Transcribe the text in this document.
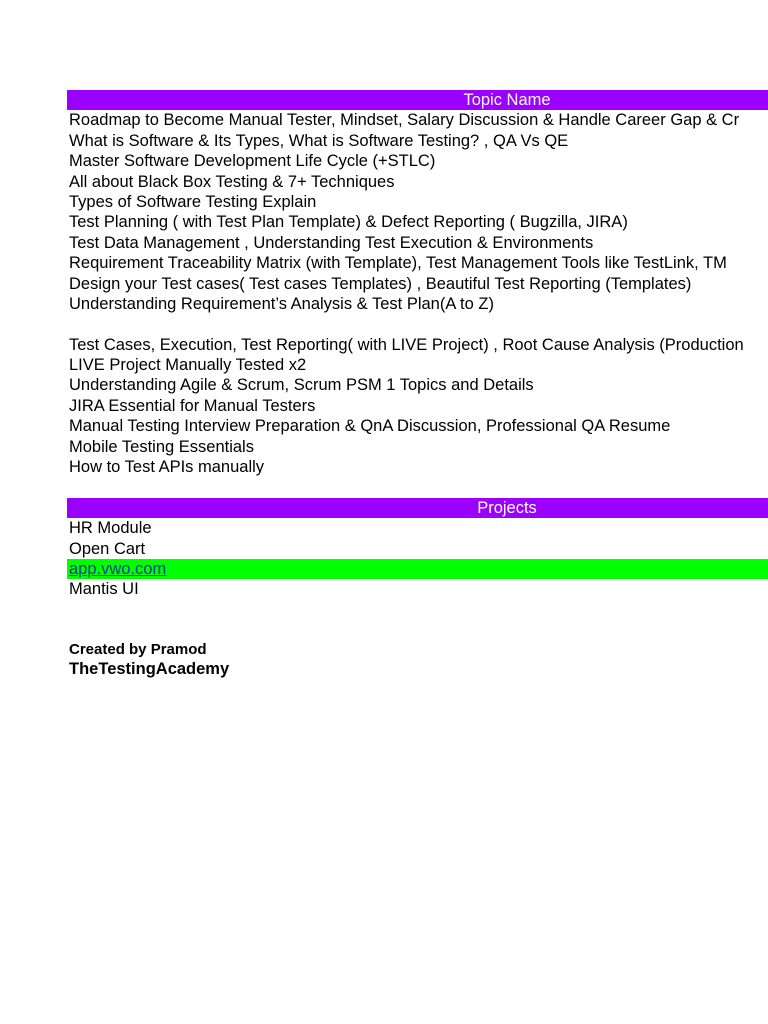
Topic Name
Roadmap to Become Manual Tester, Mindset, Salary Discussion & Handle Career Gap & Cr
What is Software & Its Types, What is Software Testing? , QA Vs QE
Master Software Development Life Cycle (+STLC)
All about Black Box Testing & 7+ Techniques
Types of Software Testing Explain
Test Planning ( with Test Plan Template) & Defect Reporting ( Bugzilla, JIRA)
Test Data Management , Understanding Test Execution & Environments
Requirement Traceability Matrix (with Template), Test Management Tools like TestLink, TM
Design your Test cases( Test cases Templates) , Beautiful Test Reporting (Templates)
Understanding Requirement’s Analysis & Test Plan(A to Z)
Test Cases, Execution, Test Reporting( with LIVE Project) , Root Cause Analysis (Production
LIVE Project Manually Tested x2
Understanding Agile & Scrum, Scrum PSM 1 Topics and Details
JIRA Essential for Manual Testers
Manual Testing Interview Preparation & QnA Discussion, Professional QA Resume
Mobile Testing Essentials
How to Test APIs manually
Projects
HR Module
Open Cart
app.vwo.com
Mantis UI
Created by Pramod
TheTestingAcademy
